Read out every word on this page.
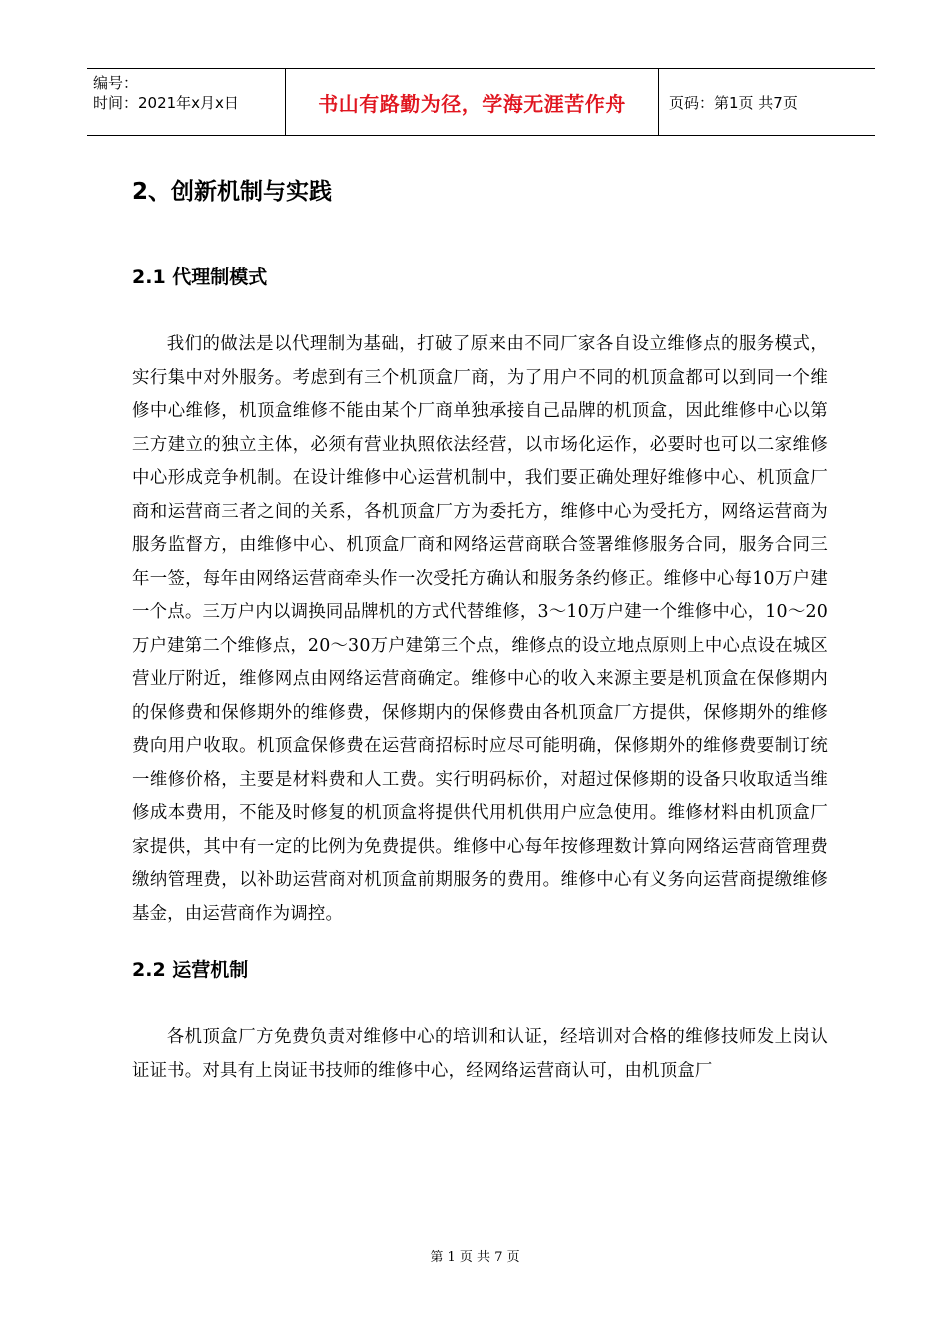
编号：
时间：2021年x月x日	书山有路勤为径，学海无涯苦作舟	页码：第1页 共7页
2、创新机制与实践
2.1 代理制模式

我们的做法是以代理制为基础，打破了原来由不同厂家各自设立维修点的服务模式，实行集中对外服务。考虑到有三个机顶盒厂商，为了用户不同的机顶盒都可以到同一个维修中心维修，机顶盒维修不能由某个厂商单独承接自己品牌的机顶盒，因此维修中心以第三方建立的独立主体，必须有营业执照依法经营，以市场化运作，必要时也可以二家维修中心形成竞争机制。在设计维修中心运营机制中，我们要正确处理好维修中心、机顶盒厂商和运营商三者之间的关系，各机顶盒厂方为委托方，维修中心为受托方，网络运营商为服务监督方，由维修中心、机顶盒厂商和网络运营商联合签署维修服务合同，服务合同三年一签，每年由网络运营商牵头作一次受托方确认和服务条约修正。维修中心每10万户建一个点。三万户内以调换同品牌机的方式代替维修，3～10万户建一个维修中心，10～20万户建第二个维修点，20～30万户建第三个点，维修点的设立地点原则上中心点设在城区营业厅附近，维修网点由网络运营商确定。维修中心的收入来源主要是机顶盒在保修期内的保修费和保修期外的维修费，保修期内的保修费由各机顶盒厂方提供，保修期外的维修费向用户收取。机顶盒保修费在运营商招标时应尽可能明确，保修期外的维修费要制订统一维修价格，主要是材料费和人工费。实行明码标价，对超过保修期的设备只收取适当维修成本费用，不能及时修复的机顶盒将提供代用机供用户应急使用。维修材料由机顶盒厂家提供，其中有一定的比例为免费提供。维修中心每年按修理数计算向网络运营商管理费缴纳管理费，以补助运营商对机顶盒前期服务的费用。维修中心有义务向运营商提缴维修基金，由运营商作为调控。

2.2 运营机制

各机顶盒厂方免费负责对维修中心的培训和认证，经培训对合格的维修技师发上岗认证证书。对具有上岗证书技师的维修中心，经网络运营商认可，由机顶盒厂

第 1 页 共 7 页
